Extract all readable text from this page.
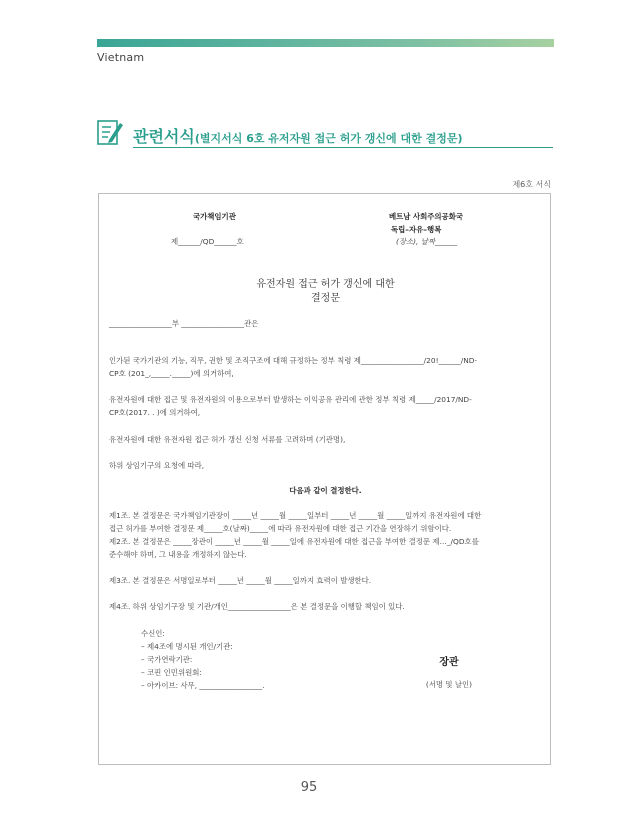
Vietnam
관련서식(별지서식 6호 유저자원 접근 허가 갱신에 대한 결정문)
제6호 서식
국가책임기관
제______/QD______호
베트남 사회주의공화국
독립–자유–행복
(장소), 날짜______
유전자원 접근 허가 갱신에 대한
결정문
_________________부 _________________관은
인가된 국가기관의 기능, 직무, 권한 및 조직구조에 대해 규정하는 정부 칙령 제_________________/20!______/ND-
CP호 (201_,_____._____)에 의거하여,
유전자원에 대한 접근 및 유전자원의 이용으로부터 발생하는 이익공유 관리에 관한 정부 칙령 제_____/2017/ND-
CP호(2017. . )에 의거하여,
유전자원에 대한 유전자원 접근 허가 갱신 신청 서류를 고려하며 (기관명),
하위 상임기구의 요청에 따라,
다음과 같이 결정한다.
제1조. 본 결정문은 국가책임기관장이 _____년 _____월 _____일부터 _____년 _____월 _____일까지 유전자원에 대한
접근 허가를 부여한 결정문 제_____호(날짜)_____에 따라 유전자원에 대한 접근 기간을 연장하기 위함이다.
제2조. 본 결정문은 _____장관이 _____년 _____월 _____일에 유전자원에 대한 접근을 부여한 결정문 제…_/QD호를
준수해야 하며, 그 내용을 개정하지 않는다.
제3조. 본 결정문은 서명일로부터 _____년 _____월 _____일까지 효력이 발생한다.
제4조. 하위 상임기구장 및 기관/개인_________________은 본 결정문을 이행할 책임이 있다.
수신인:
– 제4조에 명시된 개인/기관:
– 국가연락기관:
– 코핀 인민위원회:
– 아카이브: 사무, _________________.
장관
(서명 및 날인)
95
